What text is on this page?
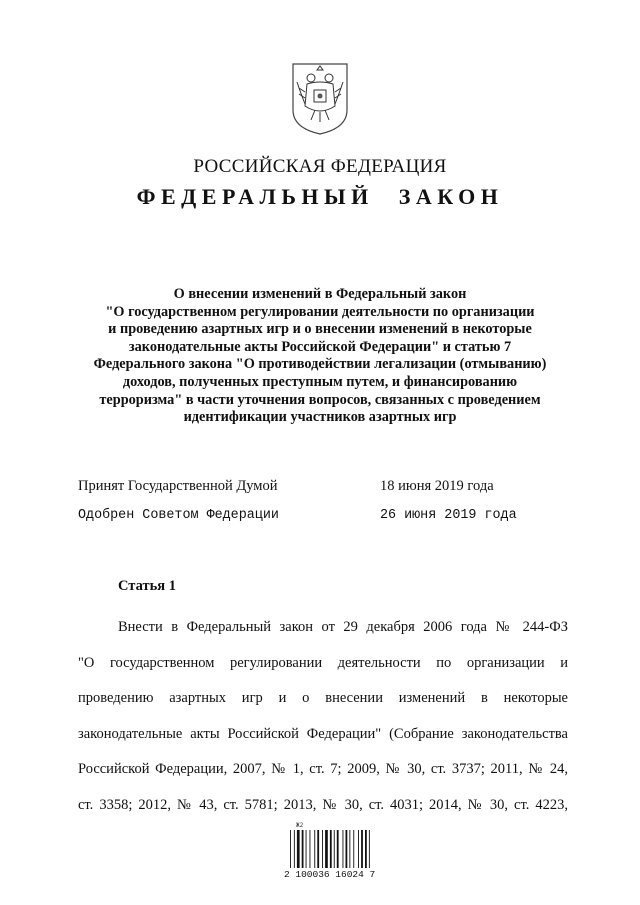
РОССИЙСКАЯ ФЕДЕРАЦИЯ
ФЕДЕРАЛЬНЫЙ ЗАКОН
О внесении изменений в Федеральный закон
"О государственном регулировании деятельности по организации
и проведению азартных игр и о внесении изменений в некоторые
законодательные акты Российской Федерации" и статью 7
Федерального закона "О противодействии легализации (отмыванию)
доходов, полученных преступным путем, и финансированию
терроризма" в части уточнения вопросов, связанных с проведением
идентификации участников азартных игр
Принят Государственной Думой	18 июня 2019 года
Одобрен Советом Федерации	26 июня 2019 года
Статья 1
Внести в Федеральный закон от 29 декабря 2006 года № 244-ФЗ
"О государственном регулировании деятельности по организации и
проведению азартных игр и о внесении изменений в некоторые
законодательные акты Российской Федерации" (Собрание законодательства
Российской Федерации, 2007, № 1, ст. 7; 2009, № 30, ст. 3737; 2011, № 24,
ст. 3358; 2012, № 43, ст. 5781; 2013, № 30, ст. 4031; 2014, № 30, ст. 4223,
Ж2
2 100036 16024 7
